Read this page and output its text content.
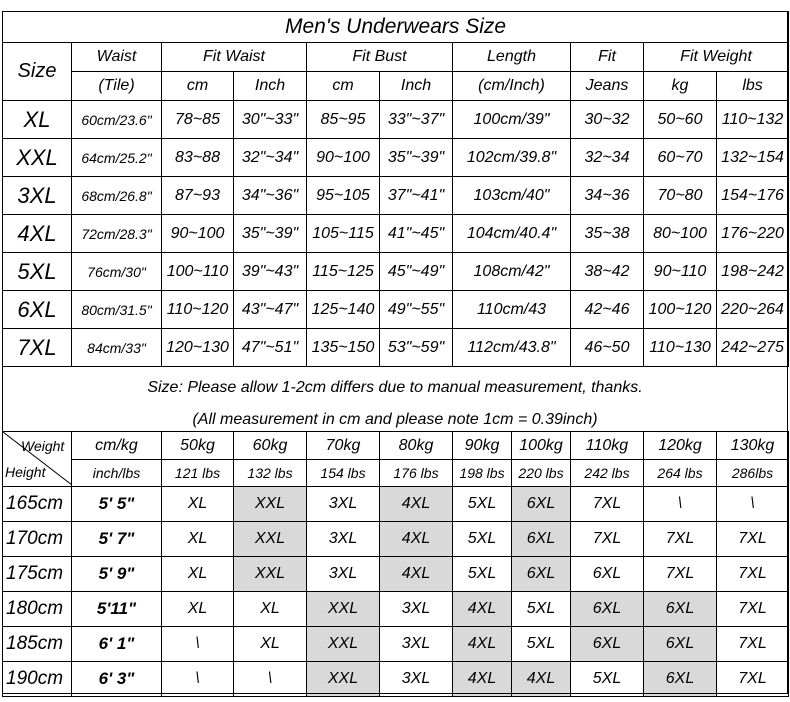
Men's Underwears Size									
Size	Waist	Fit Waist		Fit Bust		Length	Fit	Fit Weight	
	(Tile)	cm	Inch	cm	Inch	(cm/Inch)	Jeans	kg	lbs
XL	60cm/23.6"	78~85	30"~33"	85~95	33"~37"	100cm/39"	30~32	50~60	110~132
XXL	64cm/25.2"	83~88	32"~34"	90~100	35"~39"	102cm/39.8"	32~34	60~70	132~154
3XL	68cm/26.8"	87~93	34"~36"	95~105	37"~41"	103cm/40"	34~36	70~80	154~176
4XL	72cm/28.3"	90~100	35"~39"	105~115	41"~45"	104cm/40.4"	35~38	80~100	176~220
5XL	76cm/30"	100~110	39"~43"	115~125	45"~49"	108cm/42"	38~42	90~110	198~242
6XL	80cm/31.5"	110~120	43"~47"	125~140	49"~55"	110cm/43	42~46	100~120	220~264
7XL	84cm/33"	120~130	47"~51"	135~150	53"~59"	112cm/43.8"	46~50	110~130	242~275
Size: Please allow 1-2cm differs due to manual measurement, thanks.
(All measurement in cm and please note 1cm = 0.39inch)
Weight
Height	cm/kg	50kg	60kg	70kg	80kg	90kg	100kg	110kg	120kg	130kg
	inch/lbs	121 lbs	132 lbs	154 lbs	176 lbs	198 lbs	220 lbs	242 lbs	264 lbs	286lbs
165cm	5' 5"	XL	XXL	3XL	4XL	5XL	6XL	7XL	\	\
170cm	5' 7"	XL	XXL	3XL	4XL	5XL	6XL	7XL	7XL	7XL
175cm	5' 9"	XL	XXL	3XL	4XL	5XL	6XL	6XL	7XL	7XL
180cm	5'11"	XL	XL	XXL	3XL	4XL	5XL	6XL	6XL	7XL
185cm	6' 1"	\	XL	XXL	3XL	4XL	5XL	6XL	6XL	7XL
190cm	6' 3"	\	\	XXL	3XL	4XL	4XL	5XL	6XL	7XL
